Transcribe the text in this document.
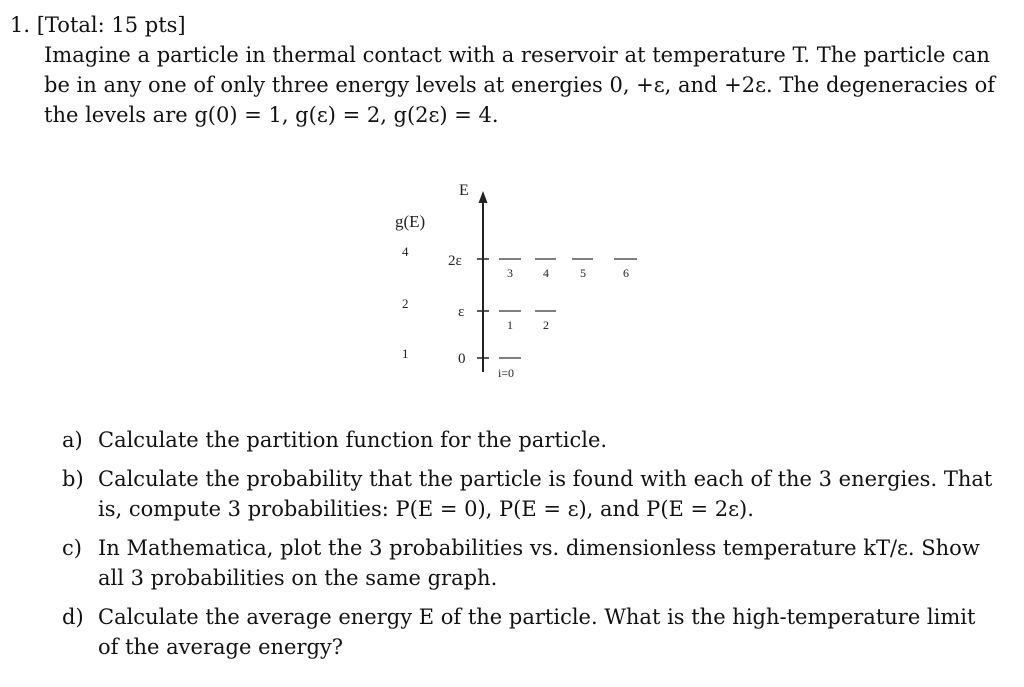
1. [Total: 15 pts]

Imagine a particle in thermal contact with a reservoir at temperature T. The particle can

be in any one of only three energy levels at energies 0, +ε, and +2ε. The degeneracies of

the levels are g(0) = 1, g(ε) = 2, g(2ε) = 4.

E
g(E)
2ε
ε
0
4
2
1
3	4	5	6
1	2
i=0
a) Calculate the partition function for the particle.

b) Calculate the probability that the particle is found with each of the 3 energies. That

is, compute 3 probabilities: P(E = 0), P(E = ε), and P(E = 2ε).

c) In Mathematica, plot the 3 probabilities vs. dimensionless temperature kT/ε. Show

all 3 probabilities on the same graph.

d) Calculate the average energy E of the particle. What is the high-temperature limit

of the average energy?
